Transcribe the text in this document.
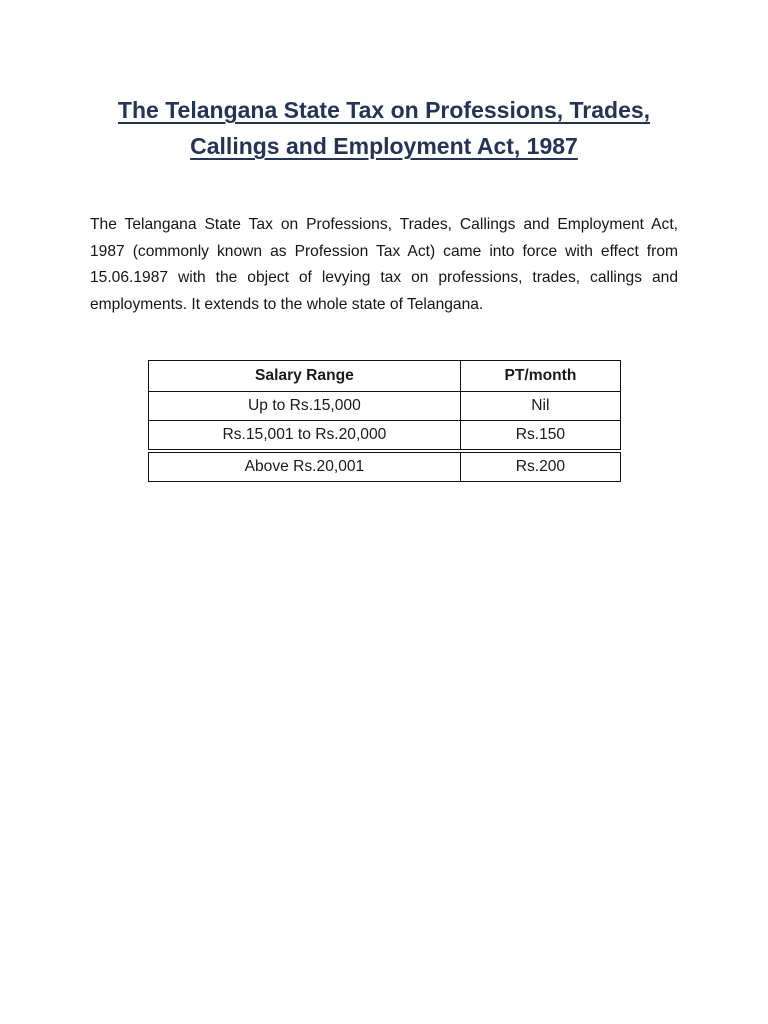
The Telangana State Tax on Professions, Trades,
Callings and Employment Act, 1987

The Telangana State Tax on Professions, Trades, Callings and Employment Act, 1987 (commonly known as Profession Tax Act) came into force with effect from 15.06.1987 with the object of levying tax on professions, trades, callings and employments. It extends to the whole state of Telangana.

Salary Range	PT/month
Up to Rs.15,000	Nil
Rs.15,001 to Rs.20,000	Rs.150
Above Rs.20,001	Rs.200
